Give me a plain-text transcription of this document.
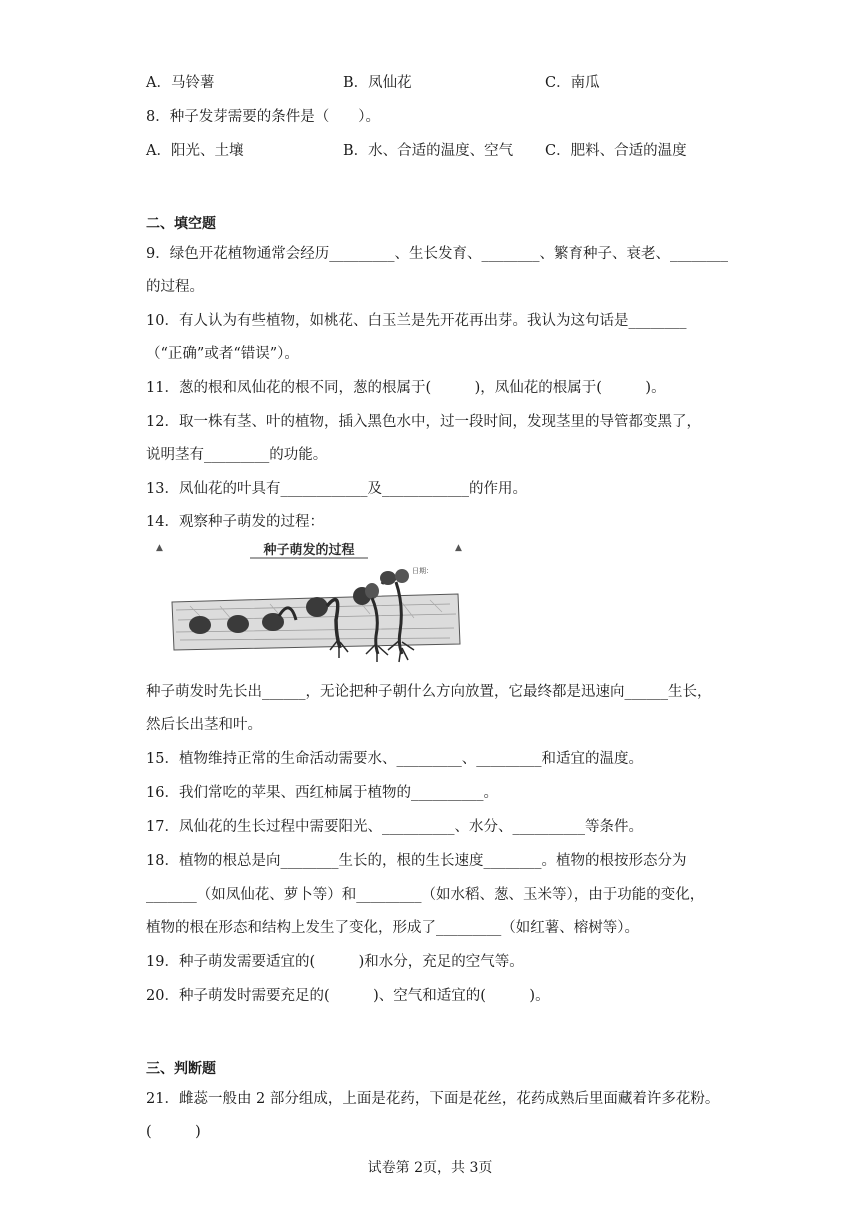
A．马铃薯	B．凤仙花	C．南瓜
8．种子发芽需要的条件是（　　）。
A．阳光、土壤	B．水、合适的温度、空气 C．肥料、合适的温度
二、填空题
9．绿色开花植物通常会经历_________、生长发育、________、繁育种子、衰老、________
的过程。
10．有人认为有些植物，如桃花、白玉兰是先开花再出芽。我认为这句话是________
（“正确”或者“错误”）。
11．葱的根和凤仙花的根不同，葱的根属于(　　　)，凤仙花的根属于(　　　)。
12．取一株有茎、叶的植物，插入黑色水中，过一段时间，发现茎里的导管都变黑了，
说明茎有_________的功能。
13．凤仙花的叶具有____________及____________的作用。
14．观察种子萌发的过程：
▲	▲
种子萌发的过程
日期：
种子萌发时先长出______，无论把种子朝什么方向放置，它最终都是迅速向______生长，
然后长出茎和叶。
15．植物维持正常的生命活动需要水、_________、_________和适宜的温度。
16．我们常吃的苹果、西红柿属于植物的__________。
17．凤仙花的生长过程中需要阳光、__________、水分、__________等条件。
18．植物的根总是向________生长的，根的生长速度________。植物的根按形态分为
_______（如凤仙花、萝卜等）和_________（如水稻、葱、玉米等），由于功能的变化，
植物的根在形态和结构上发生了变化，形成了_________（如红薯、榕树等）。
19．种子萌发需要适宜的(　　　)和水分，充足的空气等。
20．种子萌发时需要充足的(　　　)、空气和适宜的(　　　)。
三、判断题
21．雌蕊一般由 2 部分组成，上面是花药，下面是花丝，花药成熟后里面藏着许多花粉。
(　　　)
试卷第 2页，共 3页
